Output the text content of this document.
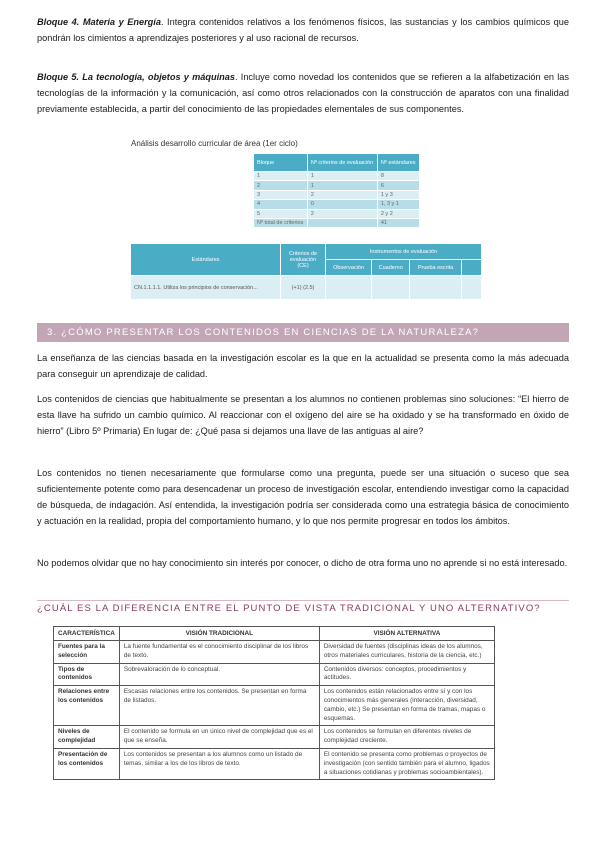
Bloque 4. Materia y Energía. Integra contenidos relativos a los fenómenos físicos, las sustancias y los cambios químicos que pondrán los cimientos a aprendizajes posteriores y al uso racional de recursos.
Bloque 5. La tecnología, objetos y máquinas. Incluye como novedad los contenidos que se refieren a la alfabetización en las tecnologías de la información y la comunicación, así como otros relacionados con la construcción de aparatos con una finalidad previamente establecida, a partir del conocimiento de las propiedades elementales de sus componentes.
Análisis desarrollo curricular de área (1er ciclo)
Bloque	Nº criterios de evaluación	Nº estándares
1	1	8
2	1	6
3	2	1 y 3
4	0	1, 3 y 1
5	2	2 y 2
Nº total de criterios		41
Estándares	Criterios de evaluación (CE)	Instrumentos de evaluación			
		Observación	Cuaderno	Prueba escrita	
CN.1.1.1.1. Utiliza los principios de conservación...	(+1) (2.5)				
3. ¿CÓMO PRESENTAR LOS CONTENIDOS EN CIENCIAS DE LA NATURALEZA?
La enseñanza de las ciencias basada en la investigación escolar es la que en la actualidad se presenta como la más adecuada para conseguir un aprendizaje de calidad.
Los contenidos de ciencias que habitualmente se presentan a los alumnos no contienen problemas sino soluciones: “El hierro de esta llave ha sufrido un cambio químico. Al reaccionar con el oxígeno del aire se ha oxidado y se ha transformado en óxido de hierro” (Libro 5º Primaria) En lugar de: ¿Qué pasa si dejamos una llave de las antiguas al aire?
Los contenidos no tienen necesariamente que formularse como una pregunta, puede ser una situación o suceso que sea suficientemente potente como para desencadenar un proceso de investigación escolar, entendiendo investigar como la capacidad de búsqueda, de indagación. Así entendida, la investigación podría ser considerada como una estrategia básica de conocimiento y actuación en la realidad, propia del comportamiento humano, y lo que nos permite progresar en todos los ámbitos.
No podemos olvidar que no hay conocimiento sin interés por conocer, o dicho de otra forma uno no aprende si no está interesado.
¿CUÁL ES LA DIFERENCIA ENTRE EL PUNTO DE VISTA TRADICIONAL Y UNO ALTERNATIVO?
CARACTERÍSTICA	VISIÓN TRADICIONAL	VISIÓN ALTERNATIVA
Fuentes para la selección	La fuente fundamental es el conocimiento disciplinar de los libros de texto.	Diversidad de fuentes (disciplinas ideas de los alumnos, otros materiales curriculares, historia de la ciencia, etc.)
Tipos de contenidos	Sobrevaloración de lo conceptual.	Contenidos diversos: conceptos, procedimientos y actitudes.
Relaciones entre los contenidos	Escasas relaciones entre los contenidos. Se presentan en forma de listados.	Los contenidos están relacionados entre sí y con los conocimientos más generales (interacción, diversidad, cambio, etc.) Se presentan en forma de tramas, mapas o esquemas.
Niveles de complejidad	El contenido se formula en un único nivel de complejidad que es el que se enseña.	Los contenidos se formulan en diferentes niveles de complejidad creciente.
Presentación de los contenidos	Los contenidos se presentan a los alumnos como un listado de temas, similar a los de los libros de texto.	El contenido se presenta como problemas o proyectos de investigación (con sentido también para el alumno, ligados a situaciones cotidianas y problemas socioambientales).
